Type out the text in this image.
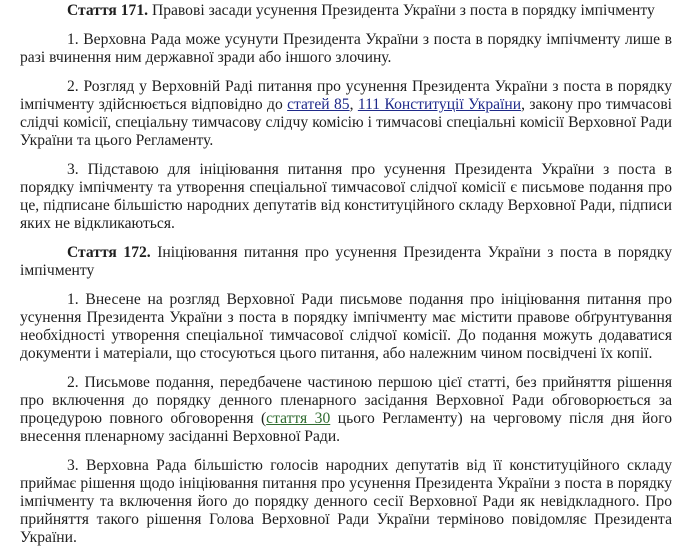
Стаття 171. Правові засади усунення Президента України з поста в порядку імпічменту

1. Верховна Рада може усунути Президента України з поста в порядку імпічменту лише в разі вчинення ним державної зради або іншого злочину.

2. Розгляд у Верховній Раді питання про усунення Президента України з поста в порядку імпічменту здійснюється відповідно до статей 85, 111 Конституції України, закону про тимчасові слідчі комісії, спеціальну тимчасову слідчу комісію і тимчасові спеціальні комісії Верховної Ради України та цього Регламенту.

3. Підставою для ініціювання питання про усунення Президента України з поста в порядку імпічменту та утворення спеціальної тимчасової слідчої комісії є письмове подання про це, підписане більшістю народних депутатів від конституційного складу Верховної Ради, підписи яких не відкликаються.

Стаття 172. Ініціювання питання про усунення Президента України з поста в порядку імпічменту

1. Внесене на розгляд Верховної Ради письмове подання про ініціювання питання про усунення Президента України з поста в порядку імпічменту має містити правове обґрунтування необхідності утворення спеціальної тимчасової слідчої комісії. До подання можуть додаватися документи і матеріали, що стосуються цього питання, або належним чином посвідчені їх копії.

2. Письмове подання, передбачене частиною першою цієї статті, без прийняття рішення про включення до порядку денного пленарного засідання Верховної Ради обговорюється за процедурою повного обговорення (стаття 30 цього Регламенту) на черговому після дня його внесення пленарному засіданні Верховної Ради.

3. Верховна Рада більшістю голосів народних депутатів від її конституційного складу приймає рішення щодо ініціювання питання про усунення Президента України з поста в порядку імпічменту та включення його до порядку денного сесії Верховної Ради як невідкладного. Про прийняття такого рішення Голова Верховної Ради України терміново повідомляє Президента України.
